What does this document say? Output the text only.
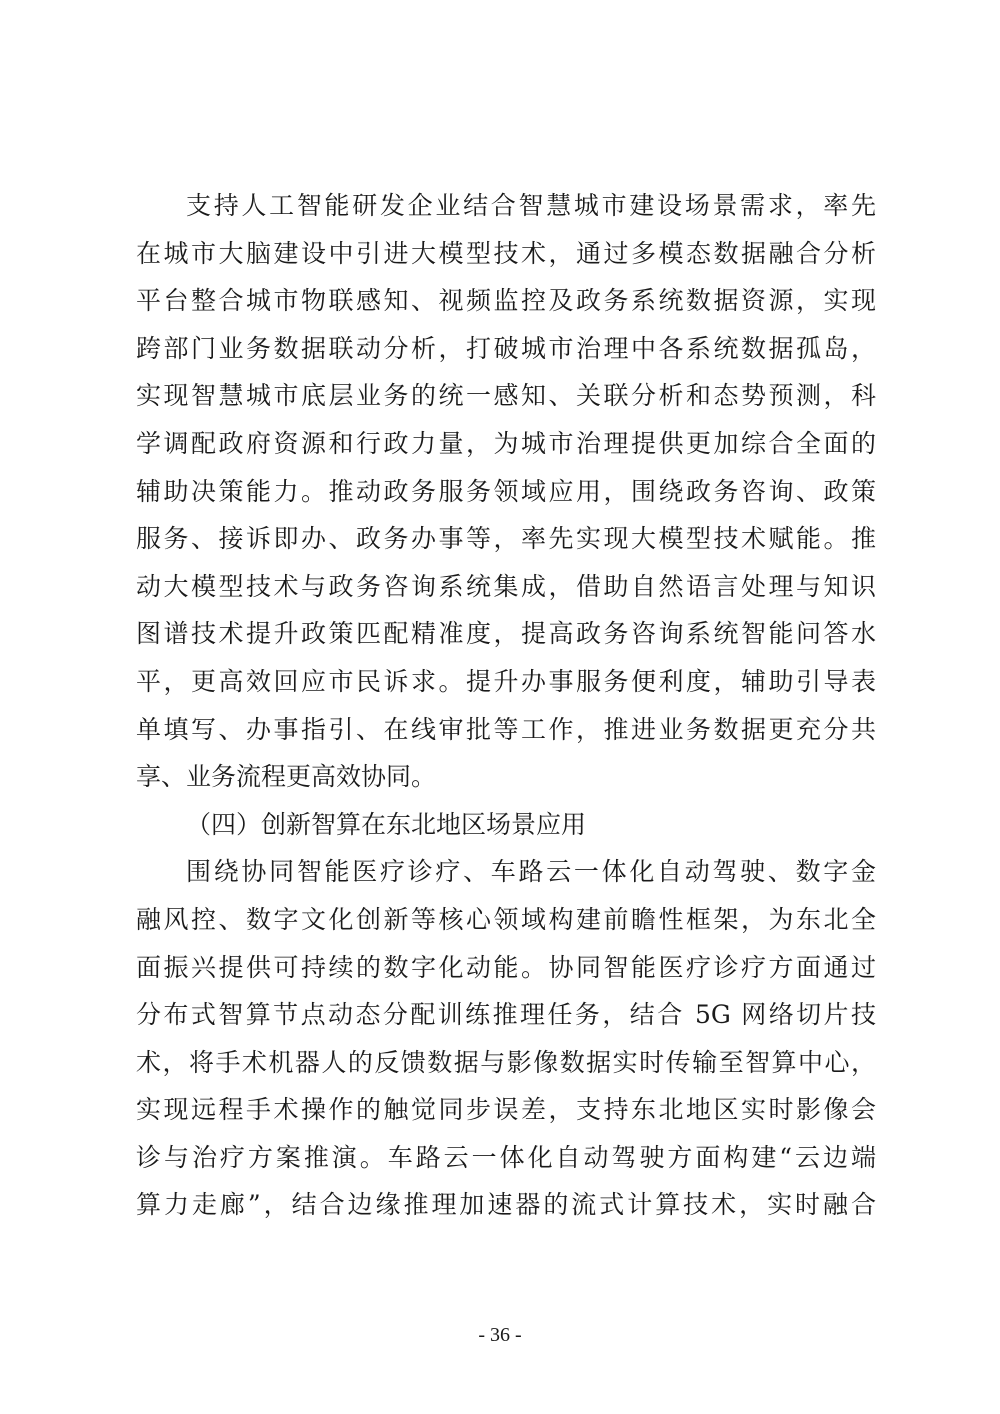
支持人工智能研发企业结合智慧城市建设场景需求，率先
在城市大脑建设中引进大模型技术，通过多模态数据融合分析
平台整合城市物联感知、视频监控及政务系统数据资源，实现
跨部门业务数据联动分析，打破城市治理中各系统数据孤岛，
实现智慧城市底层业务的统一感知、关联分析和态势预测，科
学调配政府资源和行政力量，为城市治理提供更加综合全面的
辅助决策能力。推动政务服务领域应用，围绕政务咨询、政策
服务、接诉即办、政务办事等，率先实现大模型技术赋能。推
动大模型技术与政务咨询系统集成，借助自然语言处理与知识
图谱技术提升政策匹配精准度，提高政务咨询系统智能问答水
平，更高效回应市民诉求。提升办事服务便利度，辅助引导表
单填写、办事指引、在线审批等工作，推进业务数据更充分共
享、业务流程更高效协同。
（四）创新智算在东北地区场景应用
围绕协同智能医疗诊疗、车路云一体化自动驾驶、数字金
融风控、数字文化创新等核心领域构建前瞻性框架，为东北全
面振兴提供可持续的数字化动能。协同智能医疗诊疗方面通过
分布式智算节点动态分配训练推理任务，结合 5G 网络切片技
术，将手术机器人的反馈数据与影像数据实时传输至智算中心，
实现远程手术操作的触觉同步误差，支持东北地区实时影像会
诊与治疗方案推演。车路云一体化自动驾驶方面构建“云边端
算力走廊”，结合边缘推理加速器的流式计算技术，实时融合
- 36 -
